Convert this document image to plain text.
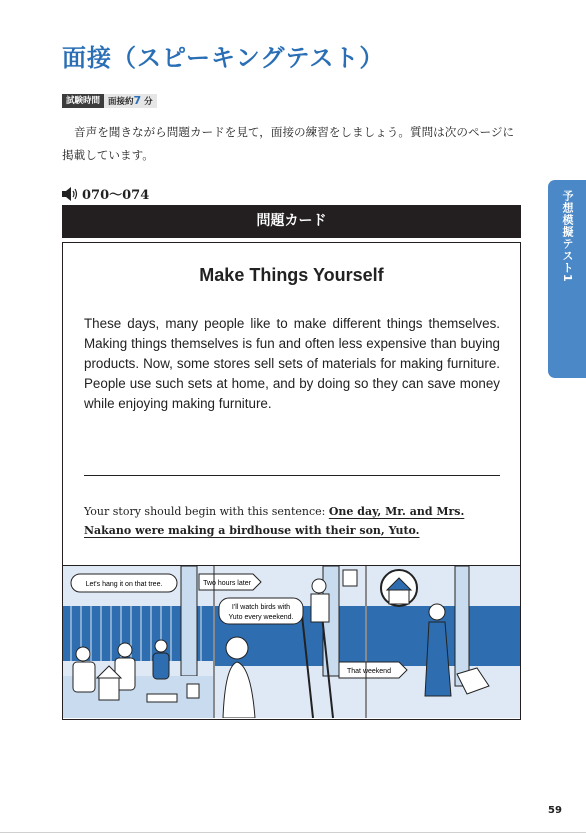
面接（スピーキングテスト）
試験時間 面接約7 分

音声を聞きながら問題カードを見て，面接の練習をしましょう。質問は次のページに掲載しています。

070～074	予想模擬テスト1
問題カード
Make Things Yourself

These days, many people like to make different things themselves. Making things themselves is fun and often less expensive than buying products. Now, some stores sell sets of materials for making furniture. People use such sets at home, and by doing so they can save money while enjoying making furniture.

Your story should begin with this sentence: One day, Mr. and Mrs. Nakano were making a birdhouse with their son, Yuto.

Let's hang it on that tree.	Two hours later
I'll watch birds with
Yuto every weekend.
That weekend
59
